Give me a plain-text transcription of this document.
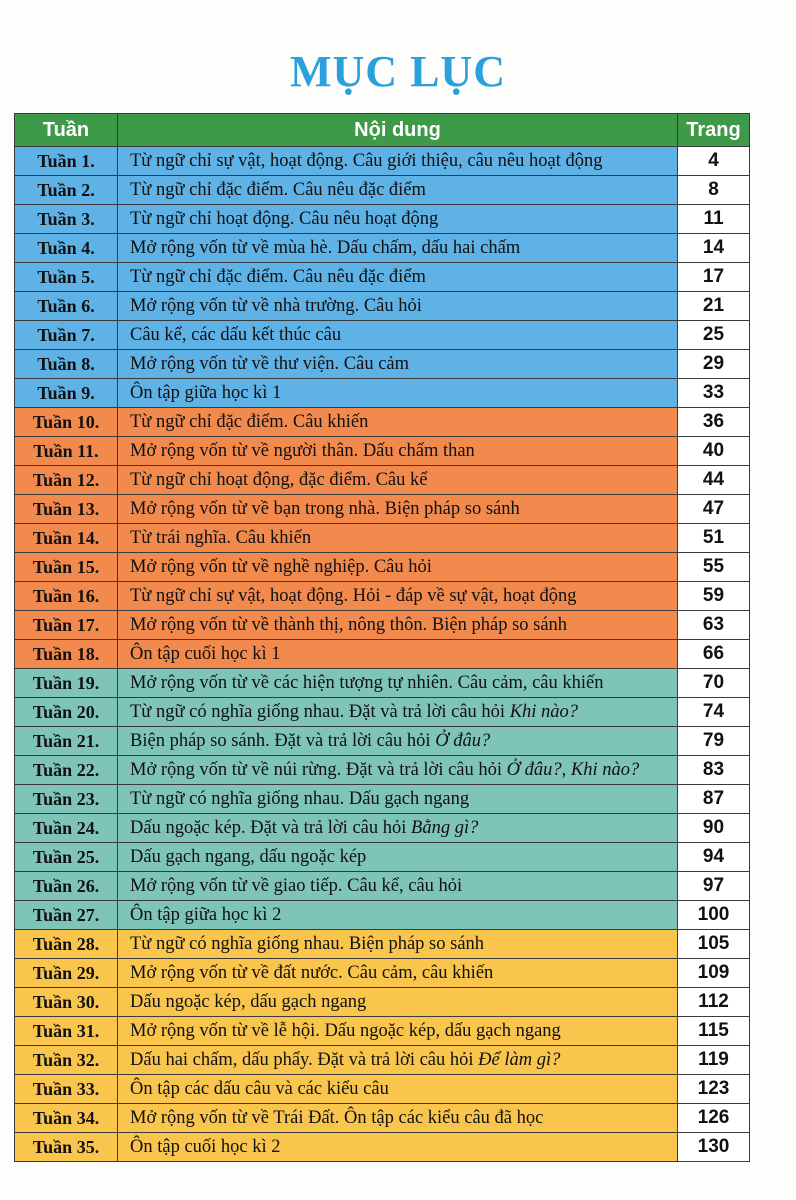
MỤC LỤC
Tuần	Nội dung	Trang
Tuần 1.	Từ ngữ chỉ sự vật, hoạt động. Câu giới thiệu, câu nêu hoạt động	4
Tuần 2.	Từ ngữ chỉ đặc điểm. Câu nêu đặc điểm	8
Tuần 3.	Từ ngữ chỉ hoạt động. Câu nêu hoạt động	11
Tuần 4.	Mở rộng vốn từ về mùa hè. Dấu chấm, dấu hai chấm	14
Tuần 5.	Từ ngữ chỉ đặc điểm. Câu nêu đặc điểm	17
Tuần 6.	Mở rộng vốn từ về nhà trường. Câu hỏi	21
Tuần 7.	Câu kể, các dấu kết thúc câu	25
Tuần 8.	Mở rộng vốn từ về thư viện. Câu cảm	29
Tuần 9.	Ôn tập giữa học kì 1	33
Tuần 10.	Từ ngữ chỉ đặc điểm. Câu khiến	36
Tuần 11.	Mở rộng vốn từ về người thân. Dấu chấm than	40
Tuần 12.	Từ ngữ chỉ hoạt động, đặc điểm. Câu kể	44
Tuần 13.	Mở rộng vốn từ về bạn trong nhà. Biện pháp so sánh	47
Tuần 14.	Từ trái nghĩa. Câu khiến	51
Tuần 15.	Mở rộng vốn từ về nghề nghiệp. Câu hỏi	55
Tuần 16.	Từ ngữ chỉ sự vật, hoạt động. Hỏi - đáp về sự vật, hoạt động	59
Tuần 17.	Mở rộng vốn từ về thành thị, nông thôn. Biện pháp so sánh	63
Tuần 18.	Ôn tập cuối học kì 1	66
Tuần 19.	Mở rộng vốn từ về các hiện tượng tự nhiên. Câu cảm, câu khiến	70
Tuần 20.	Từ ngữ có nghĩa giống nhau. Đặt và trả lời câu hỏi Khi nào?	74
Tuần 21.	Biện pháp so sánh. Đặt và trả lời câu hỏi Ở đâu?	79
Tuần 22.	Mở rộng vốn từ về núi rừng. Đặt và trả lời câu hỏi Ở đâu?, Khi nào?	83
Tuần 23.	Từ ngữ có nghĩa giống nhau. Dấu gạch ngang	87
Tuần 24.	Dấu ngoặc kép. Đặt và trả lời câu hỏi Bằng gì?	90
Tuần 25.	Dấu gạch ngang, dấu ngoặc kép	94
Tuần 26.	Mở rộng vốn từ về giao tiếp. Câu kể, câu hỏi	97
Tuần 27.	Ôn tập giữa học kì 2	100
Tuần 28.	Từ ngữ có nghĩa giống nhau. Biện pháp so sánh	105
Tuần 29.	Mở rộng vốn từ về đất nước. Câu cảm, câu khiến	109
Tuần 30.	Dấu ngoặc kép, dấu gạch ngang	112
Tuần 31.	Mở rộng vốn từ về lễ hội. Dấu ngoặc kép, dấu gạch ngang	115
Tuần 32.	Dấu hai chấm, dấu phẩy. Đặt và trả lời câu hỏi Để làm gì?	119
Tuần 33.	Ôn tập các dấu câu và các kiểu câu	123
Tuần 34.	Mở rộng vốn từ về Trái Đất. Ôn tập các kiểu câu đã học	126
Tuần 35.	Ôn tập cuối học kì 2	130
